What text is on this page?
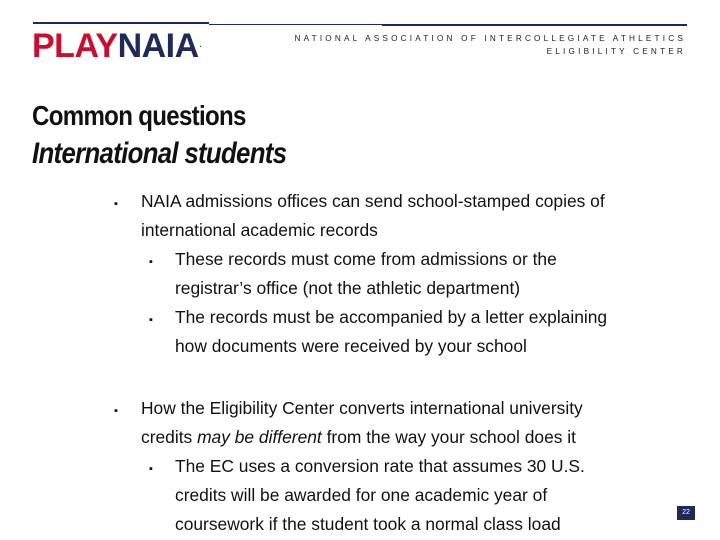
PLAYNAIA.
NATIONAL ASSOCIATION OF INTERCOLLEGIATE ATHLETICS
ELIGIBILITY CENTER
Common questions
International students
▪ NAIA admissions offices can send school-stamped copies of
international academic records
▪ These records must come from admissions or the
registrar’s office (not the athletic department)
▪ The records must be accompanied by a letter explaining
how documents were received by your school
▪ How the Eligibility Center converts international university
credits may be different from the way your school does it
▪ The EC uses a conversion rate that assumes 30 U.S.
credits will be awarded for one academic year of
coursework if the student took a normal class load
22
